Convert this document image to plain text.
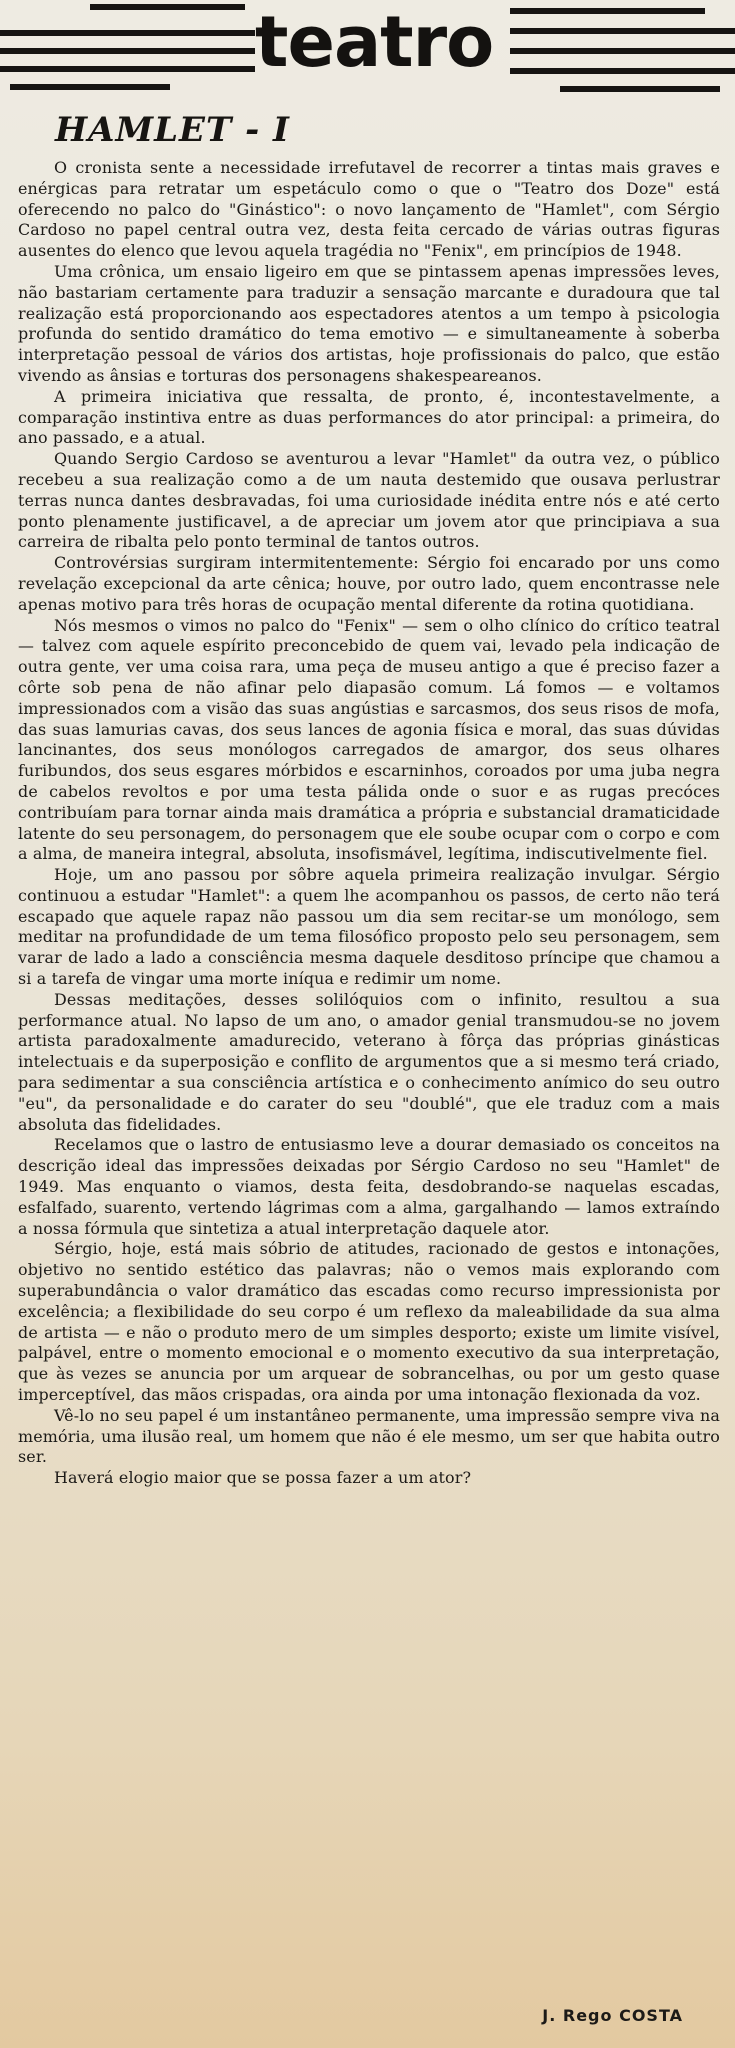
teatro
HAMLET - I

O cronista sente a necessidade irrefutavel de recorrer a tintas mais graves e enérgicas para retratar um espetáculo como o que o "Teatro dos Doze" está oferecendo no palco do "Ginástico": o novo lançamento de "Hamlet", com Sérgio Cardoso no papel central outra vez, desta feita cercado de várias outras figuras ausentes do elenco que levou aquela tragédia no "Fenix", em princípios de 1948.

Uma crônica, um ensaio ligeiro em que se pintassem apenas impressões leves, não bastariam certamente para traduzir a sensação marcante e duradoura que tal realização está proporcionando aos espectadores atentos a um tempo à psicologia profunda do sentido dramático do tema emotivo — e simultaneamente à soberba interpretação pessoal de vários dos artistas, hoje profissionais do palco, que estão vivendo as ânsias e torturas dos personagens shakespeareanos.

A primeira iniciativa que ressalta, de pronto, é, incontestavelmente, a comparação instintiva entre as duas performances do ator principal: a primeira, do ano passado, e a atual.

Quando Sergio Cardoso se aventurou a levar "Hamlet" da outra vez, o público recebeu a sua realização como a de um nauta destemido que ousava perlustrar terras nunca dantes desbravadas, foi uma curiosidade inédita entre nós e até certo ponto plenamente justificavel, a de apreciar um jovem ator que principiava a sua carreira de ribalta pelo ponto terminal de tantos outros.

Controvérsias surgiram intermitentemente: Sérgio foi encarado por uns como revelação excepcional da arte cênica; houve, por outro lado, quem encontrasse nele apenas motivo para três horas de ocupação mental diferente da rotina quotidiana.

Nós mesmos o vimos no palco do "Fenix" — sem o olho clínico do crítico teatral — talvez com aquele espírito preconcebido de quem vai, levado pela indicação de outra gente, ver uma coisa rara, uma peça de museu antigo a que é preciso fazer a côrte sob pena de não afinar pelo diapasão comum. Lá fomos — e voltamos impressionados com a visão das suas angústias e sarcasmos, dos seus risos de mofa, das suas lamurias cavas, dos seus lances de agonia física e moral, das suas dúvidas lancinantes, dos seus monólogos carregados de amargor, dos seus olhares furibundos, dos seus esgares mórbidos e escarninhos, coroados por uma juba negra de cabelos revoltos e por uma testa pálida onde o suor e as rugas precóces contribuíam para tornar ainda mais dramática a própria e substancial dramaticidade latente do seu personagem, do personagem que ele soube ocupar com o corpo e com a alma, de maneira integral, absoluta, insofismável, legítima, indiscutivelmente fiel.

Hoje, um ano passou por sôbre aquela primeira realização invulgar. Sérgio continuou a estudar "Hamlet": a quem lhe acompanhou os passos, de certo não terá escapado que aquele rapaz não passou um dia sem recitar-se um monólogo, sem meditar na profundidade de um tema filosófico proposto pelo seu personagem, sem varar de lado a lado a consciência mesma daquele desditoso príncipe que chamou a si a tarefa de vingar uma morte iníqua e redimir um nome.

Dessas meditações, desses solilóquios com o infinito, resultou a sua performance atual. No lapso de um ano, o amador genial transmudou-se no jovem artista paradoxalmente amadurecido, veterano à fôrça das próprias ginásticas intelectuais e da superposição e conflito de argumentos que a si mesmo terá criado, para sedimentar a sua consciência artística e o conhecimento anímico do seu outro "eu", da personalidade e do carater do seu "doublé", que ele traduz com a mais absoluta das fidelidades.

Recelamos que o lastro de entusiasmo leve a dourar demasiado os conceitos na descrição ideal das impressões deixadas por Sérgio Cardoso no seu "Hamlet" de 1949. Mas enquanto o viamos, desta feita, desdobrando-se naquelas escadas, esfalfado, suarento, vertendo lágrimas com a alma, gargalhando — lamos extraíndo a nossa fórmula que sintetiza a atual interpretação daquele ator.

Sérgio, hoje, está mais sóbrio de atitudes, racionado de gestos e intonações, objetivo no sentido estético das palavras; não o vemos mais explorando com superabundância o valor dramático das escadas como recurso impressionista por excelência; a flexibilidade do seu corpo é um reflexo da maleabilidade da sua alma de artista — e não o produto mero de um simples desporto; existe um limite visível, palpável, entre o momento emocional e o momento executivo da sua interpretação, que às vezes se anuncia por um arquear de sobrancelhas, ou por um gesto quase imperceptível, das mãos crispadas, ora ainda por uma intonação flexionada da voz.

Vê-lo no seu papel é um instantâneo permanente, uma impressão sempre viva na memória, uma ilusão real, um homem que não é ele mesmo, um ser que habita outro ser.

Haverá elogio maior que se possa fazer a um ator?

J. Rego COSTA
